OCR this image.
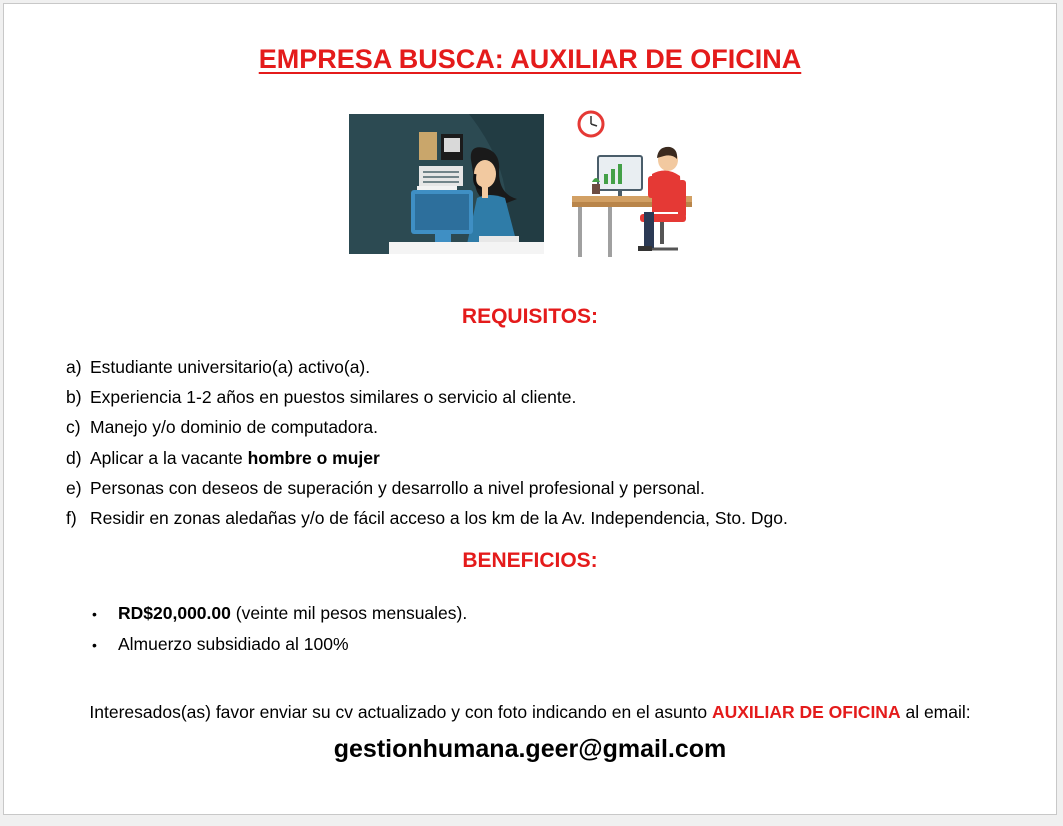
EMPRESA BUSCA: AUXILIAR DE OFICINA
REQUISITOS:
a) Estudiante universitario(a) activo(a).
b) Experiencia 1-2 años en puestos similares o servicio al cliente.
c) Manejo y/o dominio de computadora.
d) Aplicar a la vacante hombre o mujer
e) Personas con deseos de superación y desarrollo a nivel profesional y personal.
f) Residir en zonas aledañas y/o de fácil acceso a los km de la Av. Independencia, Sto. Dgo.
BENEFICIOS:
• RD$20,000.00 (veinte mil pesos mensuales).
• Almuerzo subsidiado al 100%
Interesados(as) favor enviar su cv actualizado y con foto indicando en el asunto AUXILIAR DE OFICINA al email:
gestionhumana.geer@gmail.com
